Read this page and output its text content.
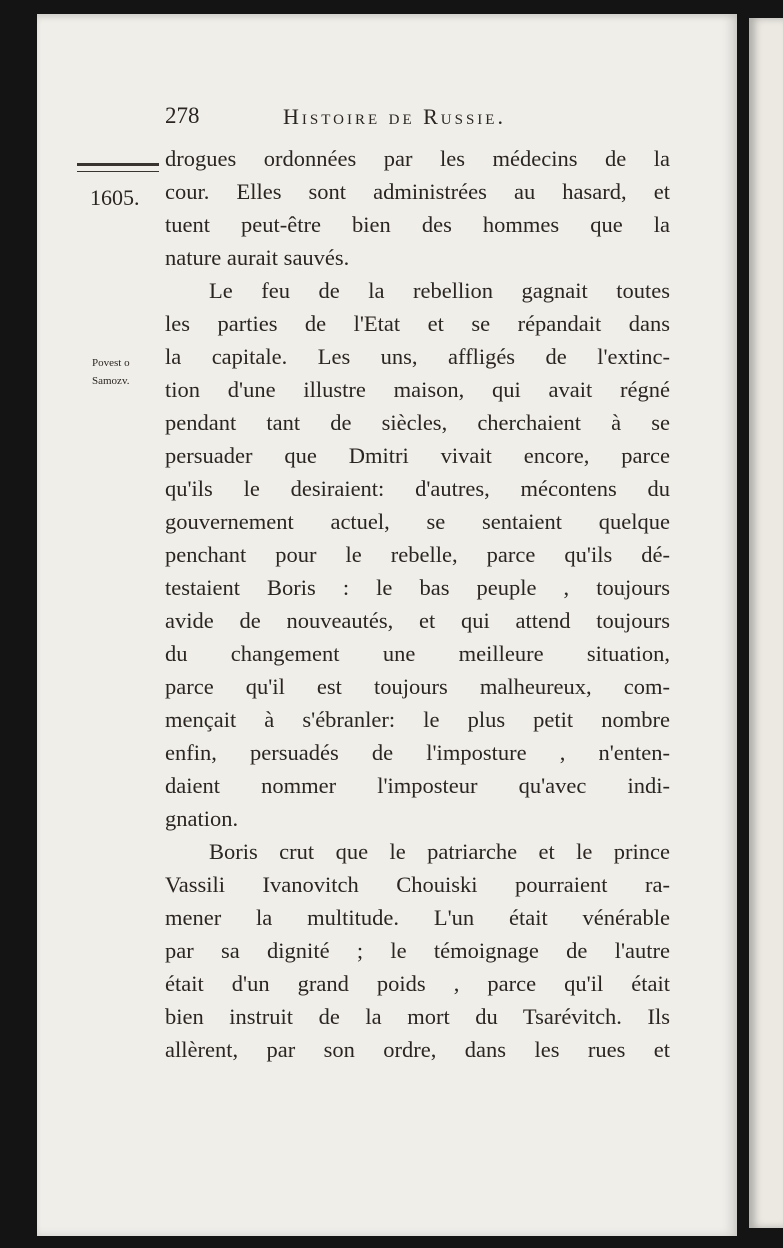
278	Histoire de Russie.
1605.
Povest o
Samozv.
drogues ordonnées par les médecins de la
cour. Elles sont administrées au hasard, et
tuent peut-être bien des hommes que la
nature aurait sauvés.
Le feu de la rebellion gagnait toutes
les parties de l'Etat et se répandait dans
la capitale. Les uns, affligés de l'extinc-
tion d'une illustre maison, qui avait régné
pendant tant de siècles, cherchaient à se
persuader que Dmitri vivait encore, parce
qu'ils le desiraient: d'autres, mécontens du
gouvernement actuel, se sentaient quelque
penchant pour le rebelle, parce qu'ils dé-
testaient Boris : le bas peuple , toujours
avide de nouveautés, et qui attend toujours
du changement une meilleure situation,
parce qu'il est toujours malheureux, com-
mençait à s'ébranler: le plus petit nombre
enfin, persuadés de l'imposture , n'enten-
daient nommer l'imposteur qu'avec indi-
gnation.
Boris crut que le patriarche et le prince
Vassili Ivanovitch Chouiski pourraient ra-
mener la multitude. L'un était vénérable
par sa dignité ; le témoignage de l'autre
était d'un grand poids , parce qu'il était
bien instruit de la mort du Tsarévitch. Ils
allèrent, par son ordre, dans les rues et
